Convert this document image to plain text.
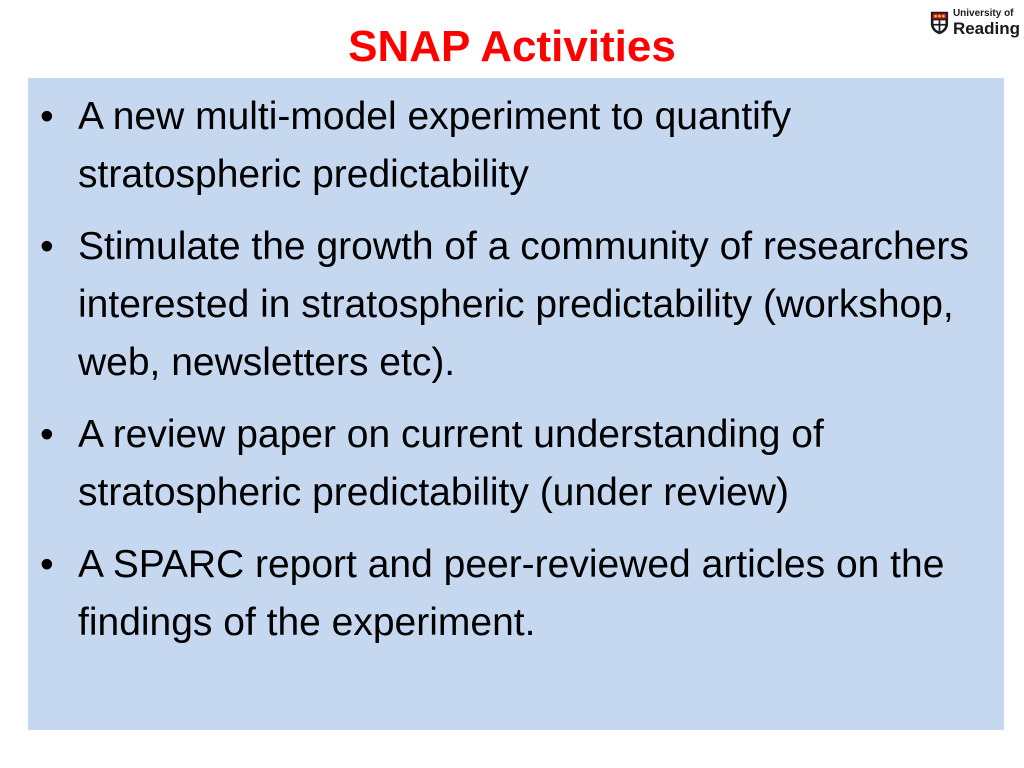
SNAP Activities
University of
Reading
• A new multi-model experiment to quantify stratospheric predictability
• Stimulate the growth of a community of researchers interested in stratospheric predictability (workshop, web, newsletters etc).
• A review paper on current understanding of stratospheric predictability (under review)
• A SPARC report and peer-reviewed articles on the findings of the experiment.
